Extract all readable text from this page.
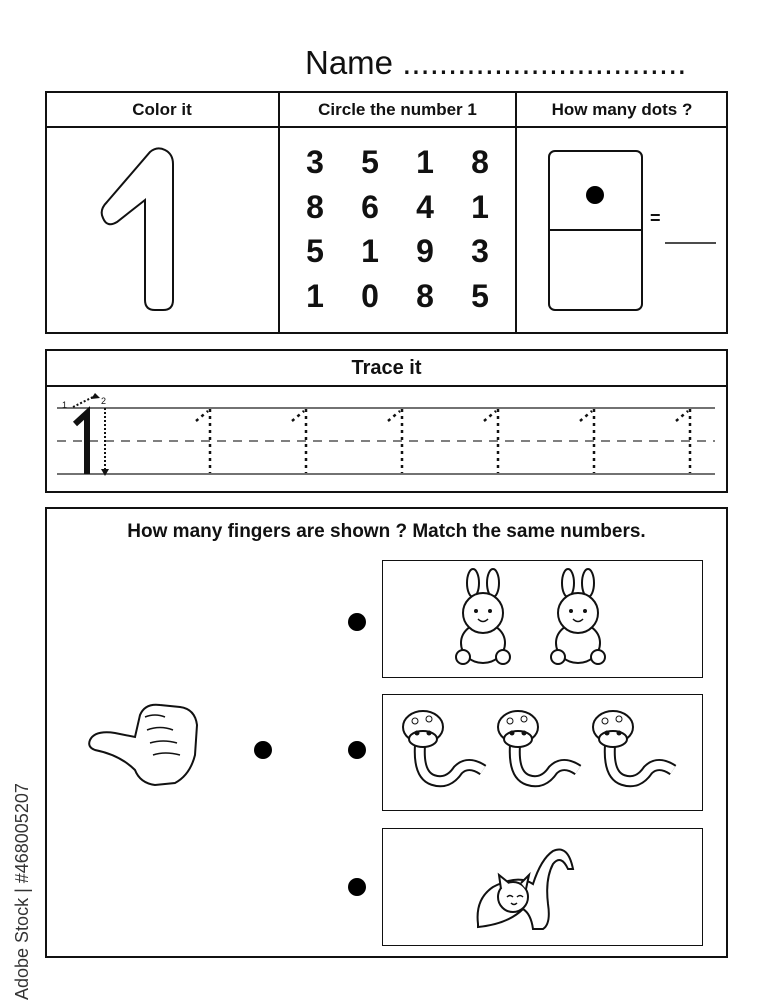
Name ...............................
Color it	Circle the number 1	How many dots ?
3 5 1 8
8 6 4 1
5 1 9 3
1 0 8 5
=
Trace it
1	2
How many fingers are shown ? Match the same numbers.
Adobe Stock | #468005207
